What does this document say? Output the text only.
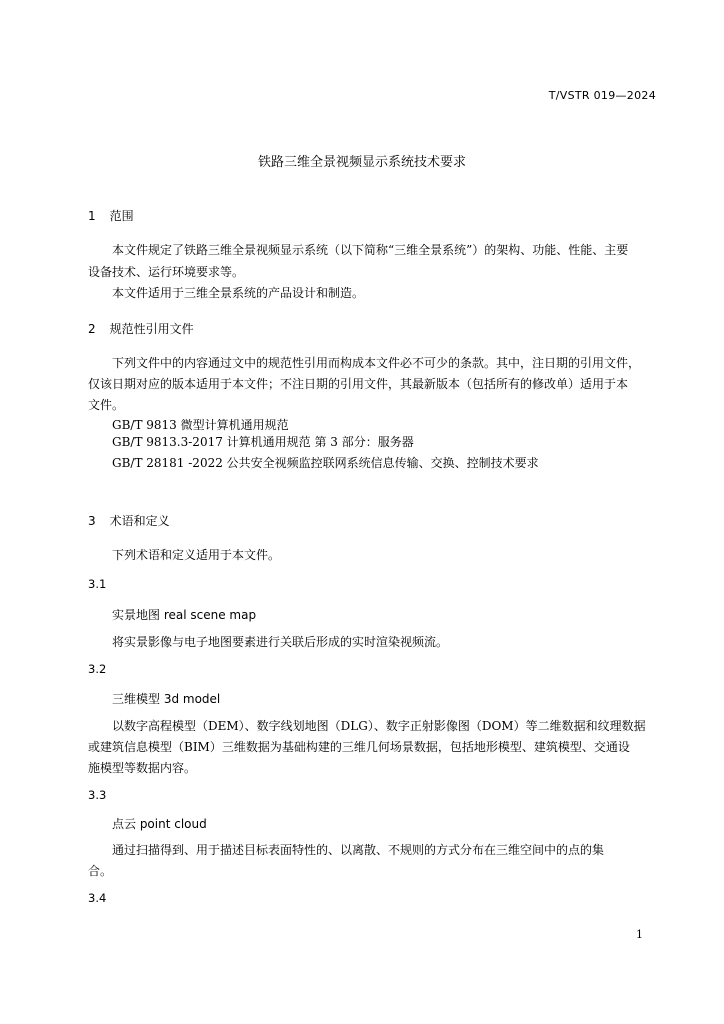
T/VSTR 019—2024
铁路三维全景视频显示系统技术要求
1 范围
本文件规定了铁路三维全景视频显示系统（以下简称“三维全景系统”）的架构、功能、性能、主要
设备技术、运行环境要求等。
本文件适用于三维全景系统的产品设计和制造。
2 规范性引用文件
下列文件中的内容通过文中的规范性引用而构成本文件必不可少的条款。其中，注日期的引用文件，
仅该日期对应的版本适用于本文件；不注日期的引用文件，其最新版本（包括所有的修改单）适用于本
文件。
GB/T 9813 微型计算机通用规范
GB/T 9813.3-2017 计算机通用规范 第 3 部分：服务器
GB/T 28181 -2022 公共安全视频监控联网系统信息传输、交换、控制技术要求
3 术语和定义
下列术语和定义适用于本文件。
3.1
实景地图 real scene map
将实景影像与电子地图要素进行关联后形成的实时渲染视频流。
3.2
三维模型 3d model
以数字高程模型（DEM）、数字线划地图（DLG）、数字正射影像图（DOM）等二维数据和纹理数据
或建筑信息模型（BIM）三维数据为基础构建的三维几何场景数据，包括地形模型、建筑模型、交通设
施模型等数据内容。
3.3
点云 point cloud
通过扫描得到、用于描述目标表面特性的、以离散、不规则的方式分布在三维空间中的点的集
合。
3.4
1
